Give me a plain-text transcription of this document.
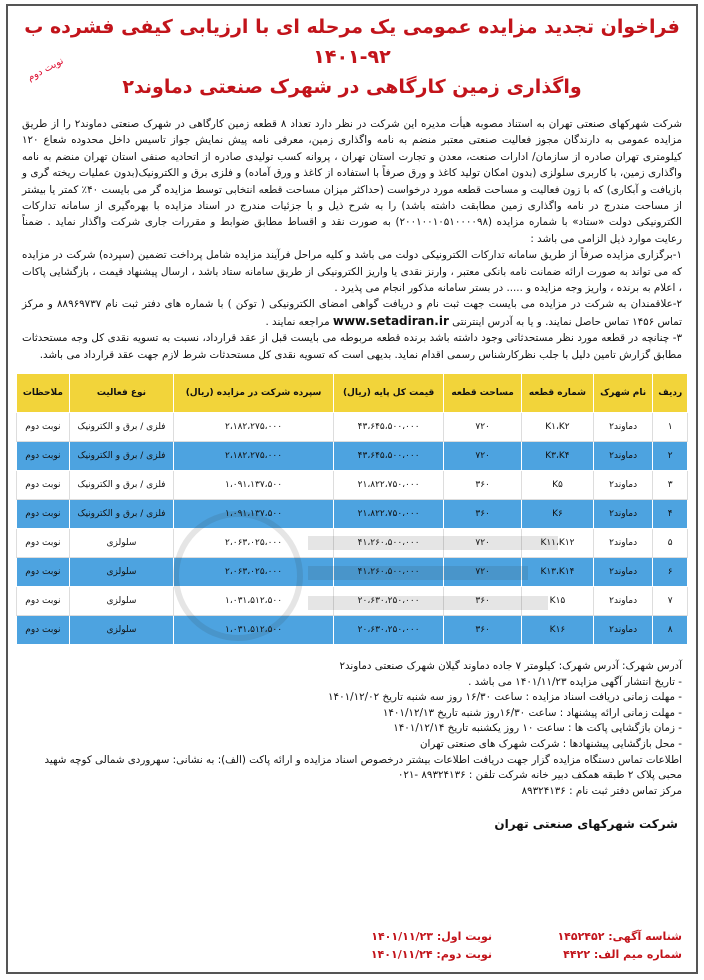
فراخوان تجدید مزایده عمومی یک مرحله ای با ارزیابی کیفی فشرده ب ۹۲-۱۴۰۱
واگذاری زمین کارگاهی در شهرک صنعتی دماوند۲
نوبت دوم

شرکت شهرکهای صنعتی تهران به استناد مصوبه هیأت مدیره این شرکت در نظر دارد تعداد ۸ قطعه زمین کارگاهی در شهرک صنعتی دماوند۲ را از طریق مزایده عمومی به دارندگان مجوز فعالیت صنعتی معتبر منضم به نامه واگذاری زمین، معرفی نامه پیش نمایش جواز تاسیس داخل محدوده شعاع ۱۲۰ کیلومتری تهران صادره از سازمان/ ادارات صنعت، معدن و تجارت استان تهران ، پروانه کسب تولیدی صادره از اتحادیه صنفی استان تهران منضم به نامه واگذاری زمین، با کاربری سلولزی (بدون امکان تولید کاغذ و ورق صرفاً با استفاده از کاغذ و ورق آماده) و فلزی برق و الکترونیک(بدون عملیات ریخته گری و بازیافت و آبکاری) که با زون فعالیت و مساحت قطعه مورد درخواست (حداکثر میزان مساحت قطعه انتخابی توسط مزایده گر می بایست ۴۰٪ کمتر یا بیشتر از مساحت مندرج در نامه واگذاری زمین مطابقت داشته باشد) را به شرح ذیل و با جزئیات مندرج در اسناد مزایده با بهره‌گیری از سامانه تدارکات الکترونیکی دولت «ستاد» با شماره مزایده (۲۰۰۱۰۰۱۰۵۱۰۰۰۰۹۸) به صورت نقد و اقساط مطابق ضوابط و مقررات جاری شرکت واگذار نماید . ضمناً رعایت موارد ذیل الزامی می باشد :

۱-برگزاری مزایده صرفاً از طریق سامانه تدارکات الکترونیکی دولت می باشد و کلیه مراحل فرآیند مزایده شامل پرداخت تضمین (سپرده) شرکت در مزایده که می تواند به صورت ارائه ضمانت نامه بانکی معتبر ، وارنز نقدی یا واریز الکترونیکی از طریق سامانه ستاد باشد ، ارسال پیشنهاد قیمت ، بازگشایی پاکات ، اعلام به برنده ، واریز وجه مزایده و ..... در بستر سامانه مذکور انجام می پذیرد .

۲-علاقمندان به شرکت در مزایده می بایست جهت ثبت نام و دریافت گواهی امضای الکترونیکی ( توکن ) با شماره های دفتر ثبت نام ۸۸۹۶۹۷۳۷ و مرکز تماس ۱۴۵۶ تماس حاصل نمایند. و یا به آدرس اینترنتی www.setadiran.ir مراجعه نمایند .

۳- چنانچه در قطعه مورد نظر مستحدثاتی وجود داشته باشد برنده قطعه مربوطه می بایست قبل از عقد قرارداد، نسبت به تسویه نقدی کل وجه مستحدثات مطابق گزارش تامین دلیل با جلب نظرکارشناس رسمی اقدام نماید. بدیهی است که تسویه نقدی کل مستحدثات شرط لازم جهت عقد قرارداد می باشد.

ردیف	نام شهرک	شماره قطعه	مساحت قطعه	قیمت کل پایه (ریال)	سپرده شرکت در مزایده (ریال)	نوع فعالیت	ملاحظات
۱	دماوند۲	K۱،K۲	۷۲۰	۴۳،۶۴۵،۵۰۰،۰۰۰	۲،۱۸۲،۲۷۵،۰۰۰	فلزی / برق و الکترونیک	نوبت دوم
۲	دماوند۲	K۳،K۴	۷۲۰	۴۳،۶۴۵،۵۰۰،۰۰۰	۲،۱۸۲،۲۷۵،۰۰۰	فلزی / برق و الکترونیک	نوبت دوم
۳	دماوند۲	K۵	۳۶۰	۲۱،۸۲۲،۷۵۰،۰۰۰	۱،۰۹۱،۱۳۷،۵۰۰	فلزی / برق و الکترونیک	نوبت دوم
۴	دماوند۲	K۶	۳۶۰	۲۱،۸۲۲،۷۵۰،۰۰۰	۱،۰۹۱،۱۳۷،۵۰۰	فلزی / برق و الکترونیک	نوبت دوم
۵	دماوند۲	K۱۱،K۱۲	۷۲۰	۴۱،۲۶۰،۵۰۰،۰۰۰	۲،۰۶۳،۰۲۵،۰۰۰	سلولزی	نوبت دوم
۶	دماوند۲	K۱۳،K۱۴	۷۲۰	۴۱،۲۶۰،۵۰۰،۰۰۰	۲،۰۶۳،۰۲۵،۰۰۰	سلولزی	نوبت دوم
۷	دماوند۲	K۱۵	۳۶۰	۲۰،۶۳۰،۲۵۰،۰۰۰	۱،۰۳۱،۵۱۲،۵۰۰	سلولزی	نوبت دوم
۸	دماوند۲	K۱۶	۳۶۰	۲۰،۶۳۰،۲۵۰،۰۰۰	۱،۰۳۱،۵۱۲،۵۰۰	سلولزی	نوبت دوم

آدرس شهرک: آدرس شهرک: کیلومتر ۷ جاده دماوند گیلان شهرک صنعتی دماوند۲

- تاریخ انتشار آگهی مزایده ۱۴۰۱/۱۱/۲۳ می باشد .

- مهلت زمانی دریافت اسناد مزایده : ساعت ۱۶/۳۰ روز سه شنبه تاریخ ۱۴۰۱/۱۲/۰۲

- مهلت زمانی ارائه پیشنهاد : ساعت ۱۶/۳۰روز شنبه تاریخ ۱۴۰۱/۱۲/۱۳

- زمان بازگشایی پاکت ها : ساعت ۱۰ روز یکشنبه تاریخ ۱۴۰۱/۱۲/۱۴

- محل بازگشایی پیشنهادها : شرکت شهرک های صنعتی تهران

اطلاعات تماس دستگاه مزایده گزار جهت دریافت اطلاعات بیشتر درخصوص اسناد مزایده و ارائه پاکت (الف): به نشانی: سهروردی شمالی کوچه شهید محبی پلاک ۲ طبقه همکف دبیر خانه شرکت تلفن : ۸۹۳۲۴۱۳۶ -۰۲۱

مرکز تماس دفتر ثبت نام : ۸۹۳۲۴۱۳۶

شرکت شهرکهای صنعتی تهران
شناسه آگهی: ۱۴۵۲۴۵۲
شماره میم الف: ۴۴۲۲
نوبت اول: ۱۴۰۱/۱۱/۲۳
نوبت دوم: ۱۴۰۱/۱۱/۲۴
